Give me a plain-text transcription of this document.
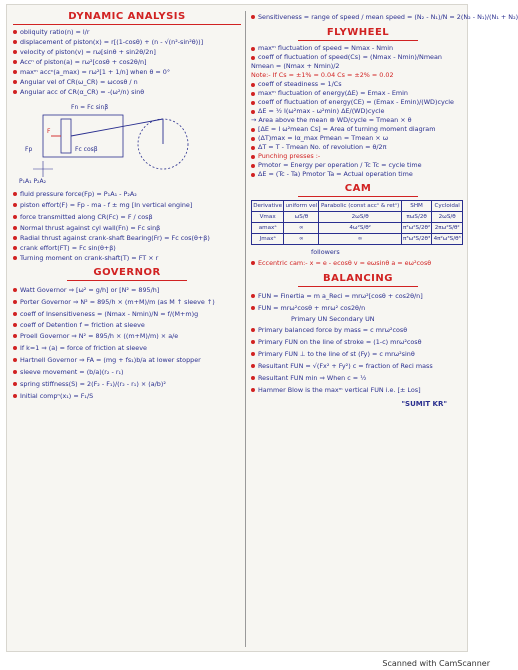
DYNAMIC ANALYSIS
obliquity ratio(n) = l/r
displacement of piston(x) = r[(1-cosθ) + (n - √(n²-sin²θ))]
velocity of piston(v) = rω[sinθ + sin2θ/2n]
Accⁿ of piston(a) = rω²[cosθ + cos2θ/n]
maxᵐ accⁿ(a_max) = rω²[1 + 1/n] when θ = 0°
Angular vel of CR(ω_CR) = ωcosθ / n
Angular acc of CR(α_CR) = -(ω²/n) sinθ
Fn = Fc sinβ
F
Fc cosβ
Fp
P₁A₁ P₂A₂
fluid pressure force(Fp) = P₁A₁ - P₂A₂
piston effort(F) = Fp - ma - f ± mg [In vertical engine]
force transmitted along CR(Fc) = F / cosβ
Normal thrust against cyl wall(Fn) = Fc sinβ
Radial thrust against crank-shaft Bearing(Fr) = Fc cos(θ+β)
crank effort(FT) = Fc sin(θ+β)
Turning moment on crank-shaft(T) = FT × r
GOVERNOR
Watt Governor ⇒ [ω² = g/h] or [N² = 895/h]
Porter Governor ⇒ N² = 895/h × (m+M)/m (as M ↑ sleeve ↑)
coeff of Insensitiveness = (Nmax - Nmin)/N = f/(M+m)g
coeff of Detention f = friction at sleeve
Proell Governor ⇒ N² = 895/h × ((m+M)/m) × a/e
If k=1 ⇒ (a) = force of friction at sleeve
Hartnell Governor ⇒ FA = (mg + fs₁)b/a at lower stopper
sleeve movement = (b/a)(r₂ - r₁)
spring stiffness(S) = 2(F₂ - F₁)/(r₂ - r₁) × (a/b)²
Initial compⁿ(x₁) = F₁/S
Sensitiveness = range of speed / mean speed = (N₂ - N₁)/N = 2(N₂ - N₁)/(N₁ + N₂)
FLYWHEEL
maxᵐ fluctuation of speed = Nmax - Nmin
coeff of fluctuation of speed(Cs) = (Nmax - Nmin)/Nmean
Nmean = (Nmax + Nmin)/2
Note:- If Cs = ±1% = 0.04 Cs = ±2% = 0.02
coeff of steadiness = 1/Cs
maxᵐ fluctuation of energy(ΔE) = Emax - Emin
coeff of fluctuation of energy(CE) = (Emax - Emin)/(WD)cycle
ΔE = ½ I(ω²max - ω²min) ΔE/(WD)cycle
→ Area above the mean ⊛ WD/cycle = Tmean × θ
[ΔE = I ω²mean Cs] = Area of turning moment diagram
(ΔT)max = Iα_max Pmean = Tmean × ω
ΔT = T - Tmean No. of revolution = θ/2π
Punching presses :-
Pmotor = Energy per operation / Tc Tc = cycle time
ΔE = (Tc - Ta) Pmotor Ta = Actual operation time
CAM
Derivative	uniform vel	Parabolic (const accⁿ & retⁿ)	SHM	Cycloidal
Vmax	ωS/θ	2ωS/θ	πωS/2θ	2ωS/θ
amaxᵃ	∞	4ω²S/θ²	π²ω²S/2θ²	2πω²S/θ²
Jmaxᵃ	∞	∞	π³ω³S/2θ³	4π²ω³S/θ³
followers
Eccentric cam:- x = e - ecosθ v = eωsinθ a = eω²cosθ
BALANCING
FUN = Finertia = m a_Reci = mrω²[cosθ + cos2θ/n]
FUN = mrω²cosθ + mrω² cos2θ/n
Primary UN Secondary UN
Primary balanced force by mass = c mrω²cosθ
Primary FUN on the line of stroke = (1-c) mrω²cosθ
Primary FUN ⊥ to the line of st (Fy) = c mrω²sinθ
Resultant FUN = √(Fx² + Fy²) c = fraction of Reci mass
Resultant FUN min ⇒ When c = ½
Hammer Blow is the maxᵐ vertical FUN i.e. [± Los]
"SUMIT KR"
Scanned with CamScanner
